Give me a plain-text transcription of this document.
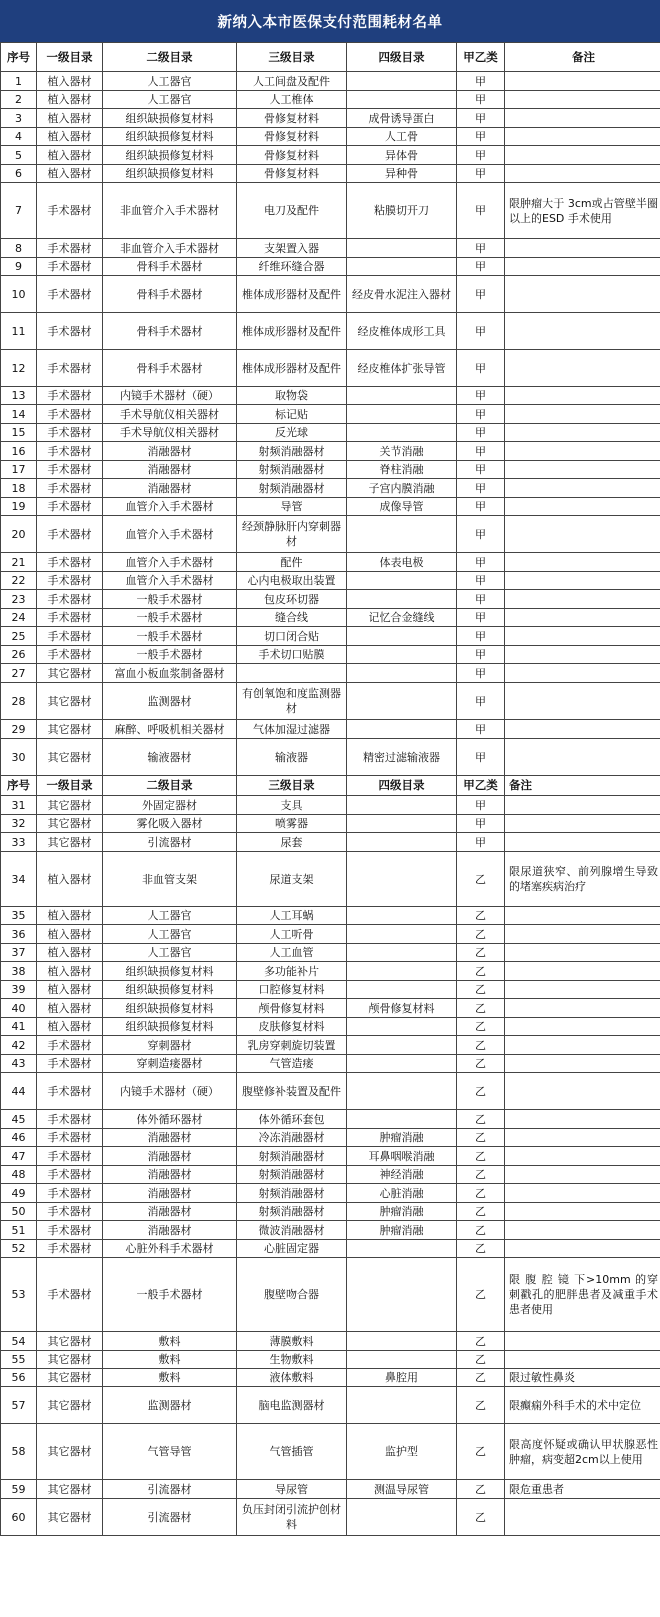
新纳入本市医保支付范围耗材名单
序号	一级目录	二级目录	三级目录	四级目录	甲乙类	备注
1	植入器材	人工器官	人工间盘及配件		甲	
2	植入器材	人工器官	人工椎体		甲	
3	植入器材	组织缺损修复材料	骨修复材料	成骨诱导蛋白	甲	
4	植入器材	组织缺损修复材料	骨修复材料	人工骨	甲	
5	植入器材	组织缺损修复材料	骨修复材料	异体骨	甲	
6	植入器材	组织缺损修复材料	骨修复材料	异种骨	甲	
7	手术器材	非血管介入手术器材	电刀及配件	粘膜切开刀	甲	限肿瘤大于 3cm或占管壁半圈以上的ESD 手术使用
8	手术器材	非血管介入手术器材	支架置入器		甲	
9	手术器材	骨科手术器材	纤维环缝合器		甲	
10	手术器材	骨科手术器材	椎体成形器材及配件	经皮骨水泥注入器材	甲	
11	手术器材	骨科手术器材	椎体成形器材及配件	经皮椎体成形工具	甲	
12	手术器材	骨科手术器材	椎体成形器材及配件	经皮椎体扩张导管	甲	
13	手术器材	内镜手术器材（硬）	取物袋		甲	
14	手术器材	手术导航仪相关器材	标记贴		甲	
15	手术器材	手术导航仪相关器材	反光球		甲	
16	手术器材	消融器材	射频消融器材	关节消融	甲	
17	手术器材	消融器材	射频消融器材	脊柱消融	甲	
18	手术器材	消融器材	射频消融器材	子宫内膜消融	甲	
19	手术器材	血管介入手术器材	导管	成像导管	甲	
20	手术器材	血管介入手术器材	经颈静脉肝内穿刺器材		甲	
21	手术器材	血管介入手术器材	配件	体表电极	甲	
22	手术器材	血管介入手术器材	心内电极取出装置		甲	
23	手术器材	一般手术器材	包皮环切器		甲	
24	手术器材	一般手术器材	缝合线	记忆合金缝线	甲	
25	手术器材	一般手术器材	切口闭合贴		甲	
26	手术器材	一般手术器材	手术切口贴膜		甲	
27	其它器材	富血小板血浆制备器材			甲	
28	其它器材	监测器材	有创氧饱和度监测器材		甲	
29	其它器材	麻醉、呼吸机相关器材	气体加湿过滤器		甲	
30	其它器材	输液器材	输液器	精密过滤输液器	甲	
序号	一级目录	二级目录	三级目录	四级目录	甲乙类	备注
31	其它器材	外固定器材	支具		甲	
32	其它器材	雾化吸入器材	喷雾器		甲	
33	其它器材	引流器材	尿套		甲	
34	植入器材	非血管支架	尿道支架		乙	限尿道狭窄、前列腺增生导致的堵塞疾病治疗
35	植入器材	人工器官	人工耳蜗		乙	
36	植入器材	人工器官	人工听骨		乙	
37	植入器材	人工器官	人工血管		乙	
38	植入器材	组织缺损修复材料	多功能补片		乙	
39	植入器材	组织缺损修复材料	口腔修复材料		乙	
40	植入器材	组织缺损修复材料	颅骨修复材料	颅骨修复材料	乙	
41	植入器材	组织缺损修复材料	皮肤修复材料		乙	
42	手术器材	穿刺器材	乳房穿刺旋切装置		乙	
43	手术器材	穿刺造瘘器材	气管造瘘		乙	
44	手术器材	内镜手术器材（硬）	腹壁修补装置及配件		乙	
45	手术器材	体外循环器材	体外循环套包		乙	
46	手术器材	消融器材	冷冻消融器材	肿瘤消融	乙	
47	手术器材	消融器材	射频消融器材	耳鼻咽喉消融	乙	
48	手术器材	消融器材	射频消融器材	神经消融	乙	
49	手术器材	消融器材	射频消融器材	心脏消融	乙	
50	手术器材	消融器材	射频消融器材	肿瘤消融	乙	
51	手术器材	消融器材	微波消融器材	肿瘤消融	乙	
52	手术器材	心脏外科手术器材	心脏固定器		乙	
53	手术器材	一般手术器材	腹壁吻合器		乙	限 腹 腔 镜 下>10mm 的穿刺戳孔的肥胖患者及减重手术患者使用
54	其它器材	敷料	薄膜敷料		乙	
55	其它器材	敷料	生物敷料		乙	
56	其它器材	敷料	液体敷料	鼻腔用	乙	限过敏性鼻炎
57	其它器材	监测器材	脑电监测器材		乙	限癫痫外科手术的术中定位
58	其它器材	气管导管	气管插管	监护型	乙	限高度怀疑或确认甲状腺恶性肿瘤，病变超2cm以上使用
59	其它器材	引流器材	导尿管	测温导尿管	乙	限危重患者
60	其它器材	引流器材	负压封闭引流护创材料		乙	
